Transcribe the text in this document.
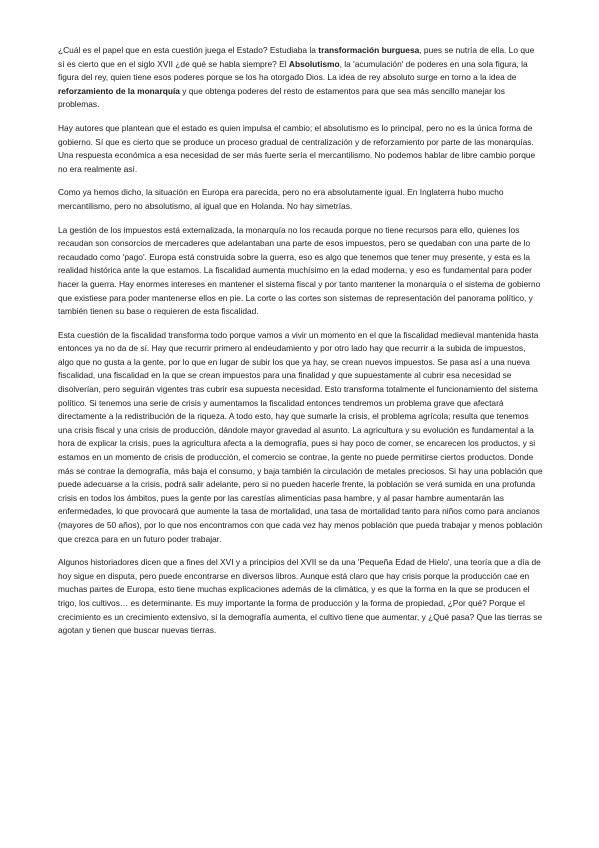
¿Cuál es el papel que en esta cuestión juega el Estado? Estudiaba la transformación burguesa, pues se nutría de ella. Lo que sí es cierto que en el siglo XVII ¿de qué se habla siempre? El Absolutismo, la 'acumulación' de poderes en una sola figura, la figura del rey, quien tiene esos poderes porque se los ha otorgado Dios. La idea de rey absoluto surge en torno a la idea de reforzamiento de la monarquía y que obtenga poderes del resto de estamentos para que sea más sencillo manejar los problemas.

Hay autores que plantean que el estado es quien impulsa el cambio; el absolutismo es lo principal, pero no es la única forma de gobierno. Sí que es cierto que se produce un proceso gradual de centralización y de reforzamiento por parte de las monarquías. Una respuesta económica a esa necesidad de ser más fuerte sería el mercantilismo. No podemos hablar de libre cambio porque no era realmente así.

Como ya hemos dicho, la situación en Europa era parecida, pero no era absolutamente igual. En Inglaterra hubo mucho mercantilismo, pero no absolutismo, al igual que en Holanda. No hay simetrías.

La gestión de los impuestos está externalizada, la monarquía no los recauda porque no tiene recursos para ello, quienes los recaudan son consorcios de mercaderes que adelantaban una parte de esos impuestos, pero se quedaban con una parte de lo recaudado como 'pago'. Europa está construida sobre la guerra, eso es algo que tenemos que tener muy presente, y esta es la realidad histórica ante la que estamos. La fiscalidad aumenta muchísimo en la edad moderna, y eso es fundamental para poder hacer la guerra. Hay enormes intereses en mantener el sistema fiscal y por tanto mantener la monarquía o el sistema de gobierno que existiese para poder mantenerse ellos en pie. La corte o las cortes son sistemas de representación del panorama político, y también tienen su base o requieren de esta fiscalidad.

Esta cuestión de la fiscalidad transforma todo porque vamos a vivir un momento en el que la fiscalidad medieval mantenida hasta entonces ya no da de sí. Hay que recurrir primero al endeudamiento y por otro lado hay que recurrir a la subida de impuestos, algo que no gusta a la gente, por lo que en lugar de subir los que ya hay, se crean nuevos impuestos. Se pasa así a una nueva fiscalidad, una fiscalidad en la que se crean impuestos para una finalidad y que supuestamente al cubrir esa necesidad se disolverían, pero seguirán vigentes tras cubrir esa supuesta necesidad. Esto transforma totalmente el funcionamiento del sistema político. Si tenemos una serie de crisis y aumentamos la fiscalidad entonces tendremos un problema grave que afectará directamente a la redistribución de la riqueza. A todo esto, hay que sumarle la crisis, el problema agrícola; resulta que tenemos una crisis fiscal y una crisis de producción, dándole mayor gravedad al asunto. La agricultura y su evolución es fundamental a la hora de explicar la crisis, pues la agricultura afecta a la demografía, pues si hay poco de comer, se encarecen los productos, y si estamos en un momento de crisis de producción, el comercio se contrae, la gente no puede permitirse ciertos productos. Donde más se contrae la demografía, más baja el consumo, y baja también la circulación de metales preciosos. Si hay una población que puede adecuarse a la crisis, podrá salir adelante, pero si no pueden hacerle frente, la población se verá sumida en una profunda crisis en todos los ámbitos, pues la gente por las carestías alimenticias pasa hambre, y al pasar hambre aumentarán las enfermedades, lo que provocará que aumente la tasa de mortalidad, una tasa de mortalidad tanto para niños como para ancianos (mayores de 50 años), por lo que nos encontramos con que cada vez hay menos población que pueda trabajar y menos población que crezca para en un futuro poder trabajar.

Algunos historiadores dicen que a fines del XVI y a principios del XVII se da una 'Pequeña Edad de Hielo', una teoría que a día de hoy sigue en disputa, pero puede encontrarse en diversos libros. Aunque está claro que hay crisis porque la producción cae en muchas partes de Europa, esto tiene muchas explicaciones además de la climática, y es que la forma en la que se producen el trigo, los cultivos… es determinante. Es muy importante la forma de producción y la forma de propiedad, ¿Por qué? Porque el crecimiento es un crecimiento extensivo, si la demografía aumenta, el cultivo tiene que aumentar, y ¿Qué pasa? Que las tierras se agotan y tienen que buscar nuevas tierras.
